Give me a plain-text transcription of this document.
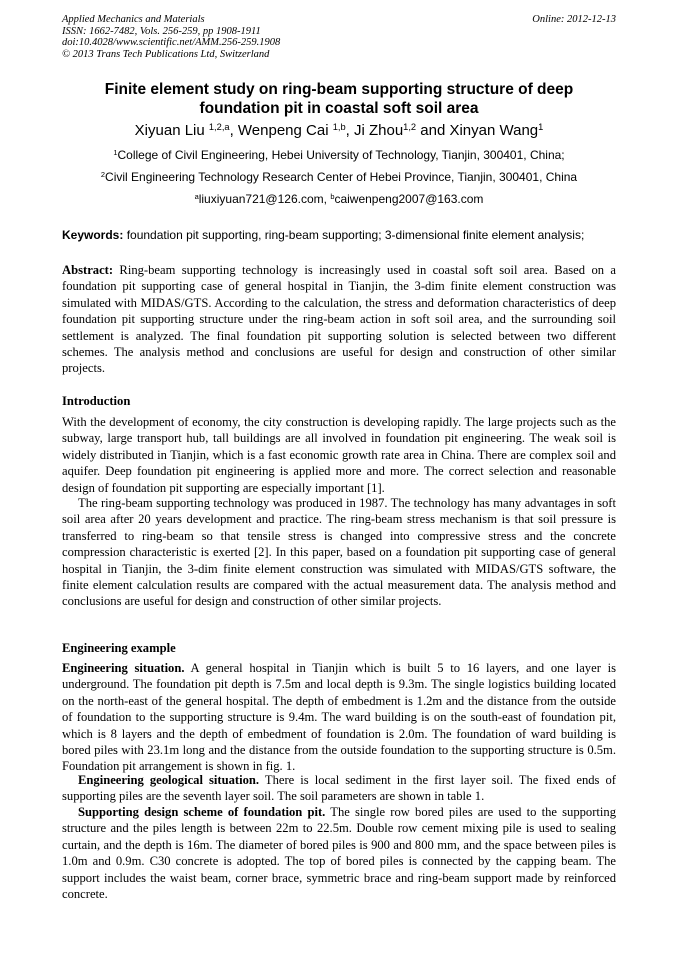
Applied Mechanics and Materials
ISSN: 1662-7482, Vols. 256-259, pp 1908-1911
doi:10.4028/www.scientific.net/AMM.256-259.1908
© 2013 Trans Tech Publications Ltd, Switzerland
Online: 2012-12-13
Finite element study on ring-beam supporting structure of deep
foundation pit in coastal soft soil area
Xiyuan Liu $^{1,2,a}$, Wenpeng Cai $^{1,b}$, Ji Zhou$^{1,2}$ and Xinyan Wang$^1$
$^1$College of Civil Engineering, Hebei University of Technology, Tianjin, 300401, China;
$^2$Civil Engineering Technology Research Center of Hebei Province, Tianjin, 300401, China
$^a$liuxiyuan721@126.com, $^b$caiwenpeng2007@163.com
Keywords: foundation pit supporting, ring-beam supporting; 3-dimensional finite element analysis;
Abstract: Ring-beam supporting technology is increasingly used in coastal soft soil area. Based on a foundation pit supporting case of general hospital in Tianjin, the 3-dim finite element construction was simulated with MIDAS/GTS. According to the calculation, the stress and deformation characteristics of deep foundation pit supporting structure under the ring-beam action in soft soil area, and the surrounding soil settlement is analyzed. The final foundation pit supporting solution is selected between two different schemes. The analysis method and conclusions are useful for design and construction of other similar projects.
Introduction
With the development of economy, the city construction is developing rapidly. The large projects such as the subway, large transport hub, tall buildings are all involved in foundation pit engineering. The weak soil is widely distributed in Tianjin, which is a fast economic growth rate area in China. There are complex soil and aquifer. Deep foundation pit engineering is applied more and more. The correct selection and reasonable design of foundation pit supporting are especially important [1].
The ring-beam supporting technology was produced in 1987. The technology has many advantages in soft soil area after 20 years development and practice. The ring-beam stress mechanism is that soil pressure is transferred to ring-beam so that tensile stress is changed into compressive stress and the concrete compression characteristic is exerted [2]. In this paper, based on a foundation pit supporting case of general hospital in Tianjin, the 3-dim finite element construction was simulated with MIDAS/GTS software, the finite element calculation results are compared with the actual measurement data. The analysis method and conclusions are useful for design and construction of other similar projects.
Engineering example
Engineering situation. A general hospital in Tianjin which is built 5 to 16 layers, and one layer is underground. The foundation pit depth is 7.5m and local depth is 9.3m. The single logistics building located on the north-east of the general hospital. The depth of embedment is 1.2m and the distance from the outside of foundation to the supporting structure is 9.4m. The ward building is on the south-east of foundation pit, which is 8 layers and the depth of embedment of foundation is 2.0m. The foundation of ward building is bored piles with 23.1m long and the distance from the outside foundation to the supporting structure is 0.5m. Foundation pit arrangement is shown in fig. 1.
Engineering geological situation. There is local sediment in the first layer soil. The fixed ends of supporting piles are the seventh layer soil. The soil parameters are shown in table 1.
Supporting design scheme of foundation pit. The single row bored piles are used to the supporting structure and the piles length is between 22m to 22.5m. Double row cement mixing pile is used to sealing curtain, and the depth is 16m. The diameter of bored piles is 900 and 800 mm, and the space between piles is 1.0m and 0.9m. C30 concrete is adopted. The top of bored piles is connected by the capping beam. The support includes the waist beam, corner brace, symmetric brace and ring-beam support made by reinforced concrete.
